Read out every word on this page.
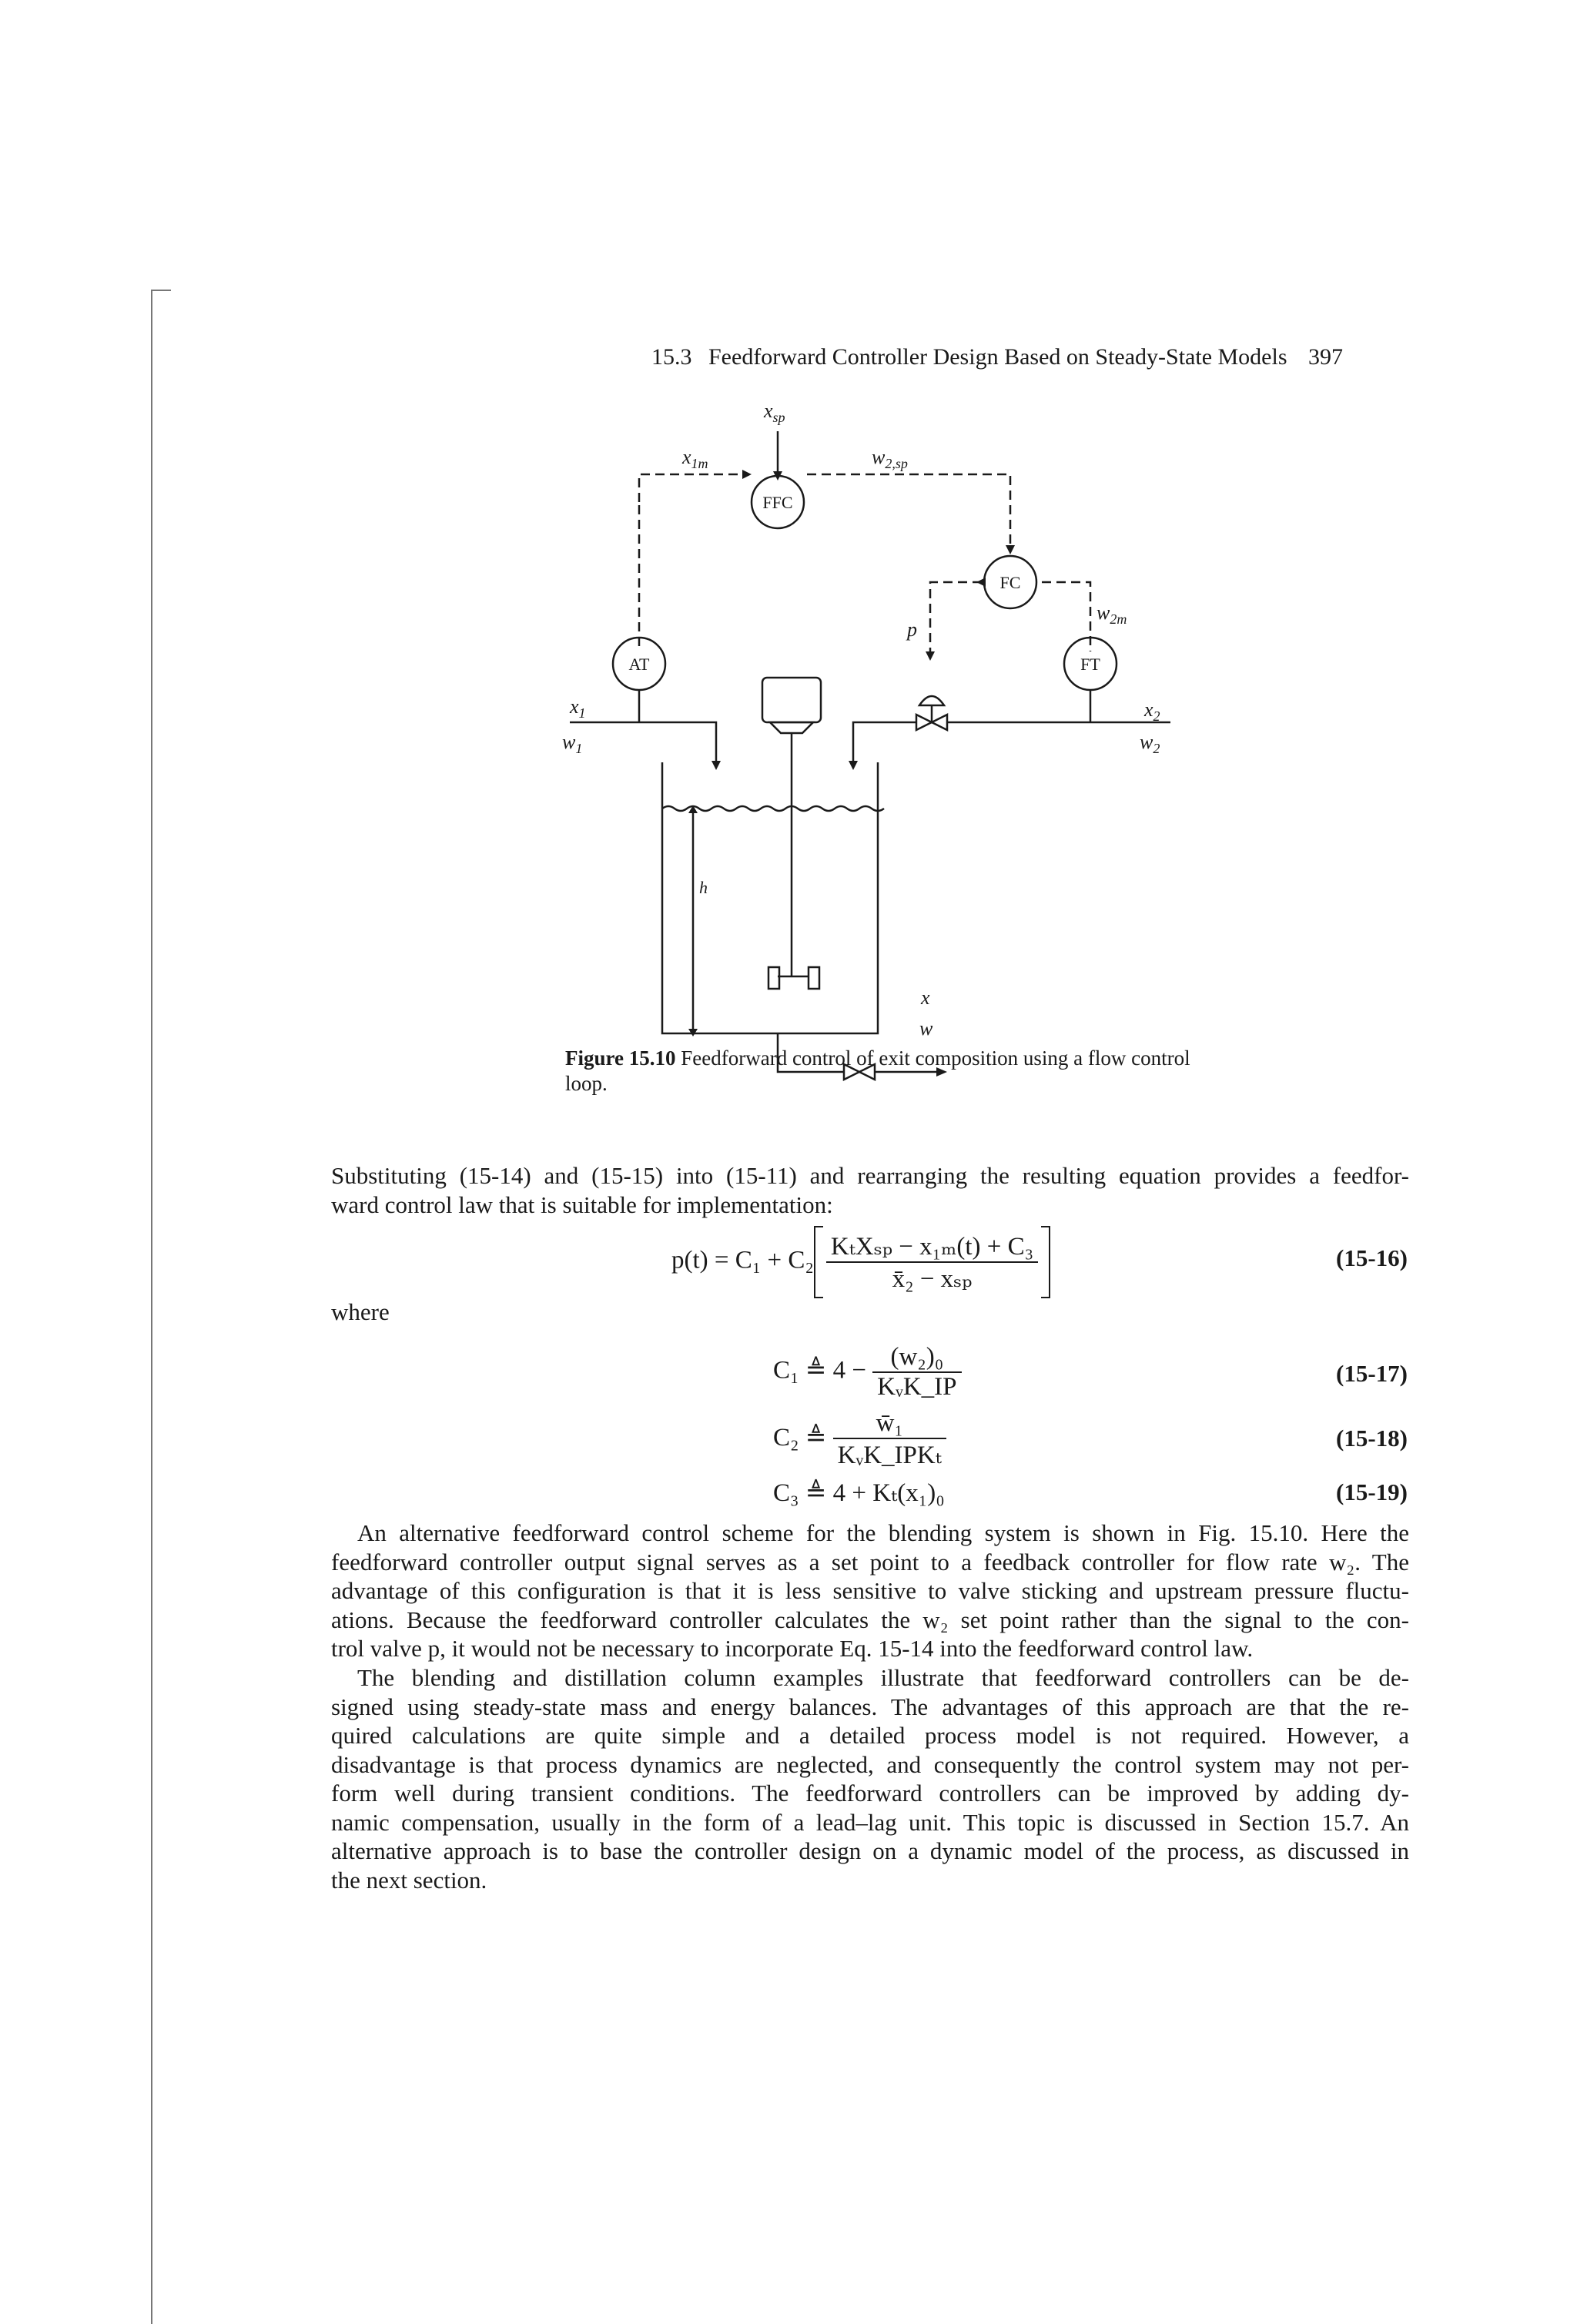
15.3 Feedforward Controller Design Based on Steady-State Models 397
$x_{sp}$
$x_{1m}$	$w_{2,sp}$
$w_{2m}$
p
$x_1$
$w_1$
$x_2$
$w_2$
h
x
w
FFC
FC
AT	FT
Figure 15.10 Feedforward control of exit composition using a flow control loop.
Substituting (15-14) and (15-15) into (15-11) and rearranging the resulting equation provides a feedfor-
ward control law that is suitable for implementation:
$p(t) = C_1 + C_2 \frac{\text{KₜXₛₚ − x₁ₘ(t) + C₃}}{\text{x̄₂ − xₛₚ}}$	(15-16)
where
C₁ ≜ $4 - \frac{\text{(w₂)₀}}{\text{KᵥK\_IP}}$	(15-17)
C₂ ≜ $\frac{\text{w̄₁}}{\text{KᵥK\_IPKₜ}}$	(15-18)
C₃ ≜ 4 + Kₜ(x₁)₀	(15-19)
An alternative feedforward control scheme for the blending system is shown in Fig. 15.10. Here the
feedforward controller output signal serves as a set point to a feedback controller for flow rate w₂. The
advantage of this configuration is that it is less sensitive to valve sticking and upstream pressure fluctu-
ations. Because the feedforward controller calculates the w₂ set point rather than the signal to the con-
trol valve p, it would not be necessary to incorporate Eq. 15-14 into the feedforward control law.
The blending and distillation column examples illustrate that feedforward controllers can be de-
signed using steady-state mass and energy balances. The advantages of this approach are that the re-
quired calculations are quite simple and a detailed process model is not required. However, a
disadvantage is that process dynamics are neglected, and consequently the control system may not per-
form well during transient conditions. The feedforward controllers can be improved by adding dy-
namic compensation, usually in the form of a lead–lag unit. This topic is discussed in Section 15.7. An
alternative approach is to base the controller design on a dynamic model of the process, as discussed in
the next section.
